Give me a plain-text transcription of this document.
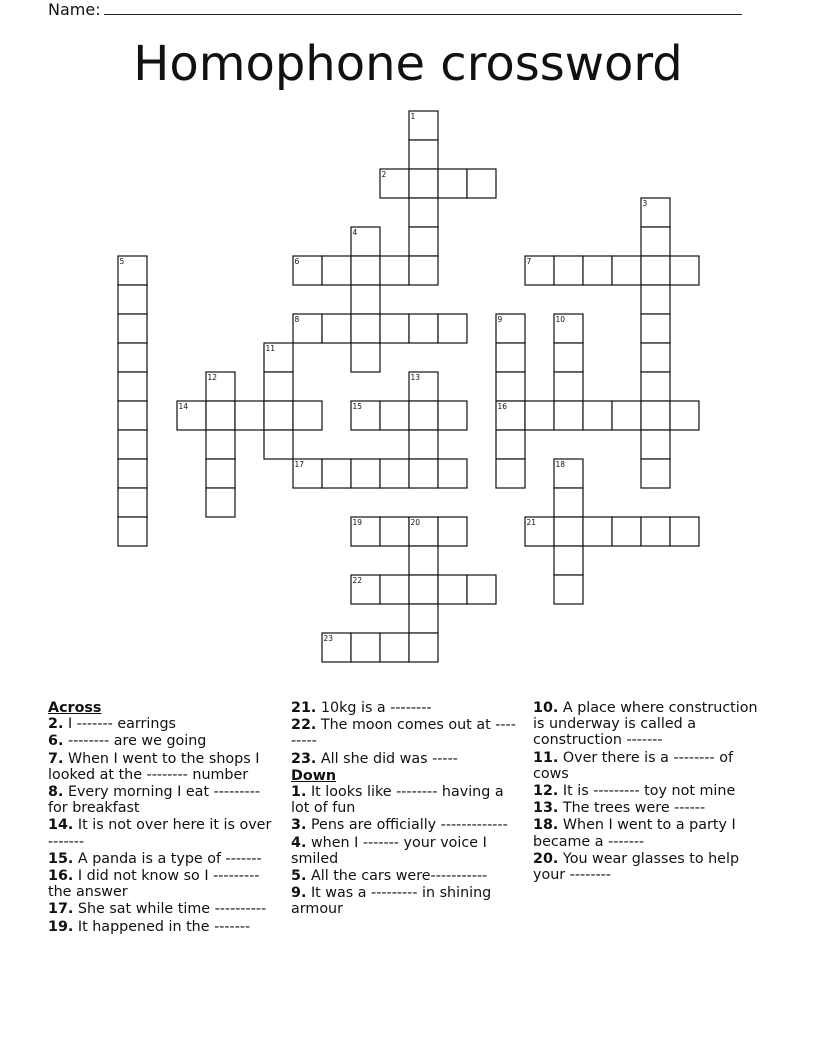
Name:
Homophone crossword
1
2
3
4
5	6	7
8	9	10
11
12	13
14	15	16
17	18
19	20	21
22
23
Across
2. I ------- earrings
6. -------- are we going
7. When I went to the shops I looked at the -------- number
8. Every morning I eat ---------for breakfast
14. It is not over here it is over -------
15. A panda is a type of -------
16. I did not know so I --------- the answer
17. She sat while time ----------
19. It happened in the -------
21. 10kg is a --------
22. The moon comes out at ---------
23. All she did was -----
Down
1. It looks like -------- having a lot of fun
3. Pens are officially -------------
4. when I ------- your voice I smiled
5. All the cars were-----------
9. It was a --------- in shining armour
10. A place where construction is underway is called a construction -------
11. Over there is a -------- of cows
12. It is --------- toy not mine
13. The trees were ------
18. When I went to a party I became a -------
20. You wear glasses to help your --------
